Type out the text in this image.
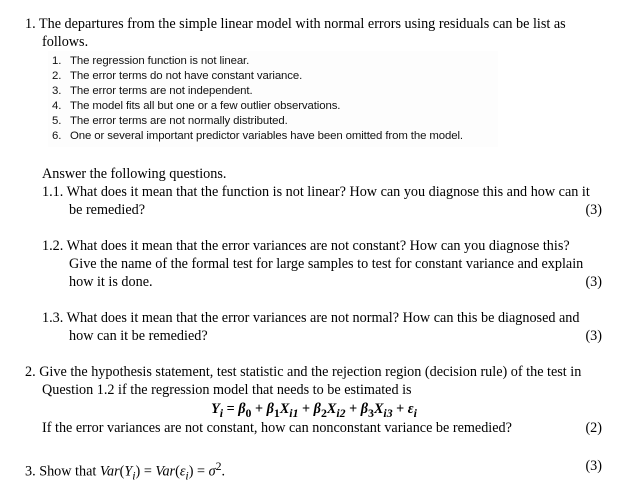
1. The departures from the simple linear model with normal errors using residuals can be list as
follows.
1. The regression function is not linear.
2. The error terms do not have constant variance.
3. The error terms are not independent.
4. The model fits all but one or a few outlier observations.
5. The error terms are not normally distributed.
6. One or several important predictor variables have been omitted from the model.
Answer the following questions.
1.1. What does it mean that the function is not linear? How can you diagnose this and how can it
be remedied?	(3)
1.2. What does it mean that the error variances are not constant? How can you diagnose this?
Give the name of the formal test for large samples to test for constant variance and explain
how it is done.	(3)
1.3. What does it mean that the error variances are not normal? How can this be diagnosed and
how can it be remedied?	(3)
2. Give the hypothesis statement, test statistic and the rejection region (decision rule) of the test in
Question 1.2 if the regression model that needs to be estimated is
$Y_i = \beta_0 + \beta_1X_{i1} + \beta_2X_{i2} + \beta_3X_{i3} + \varepsilon_i$
If the error variances are not constant, how can nonconstant variance be remedied?	(2)
3. Show that $Var(Y_i) = Var(\varepsilon_i) = \sigma^2$.	(3)
